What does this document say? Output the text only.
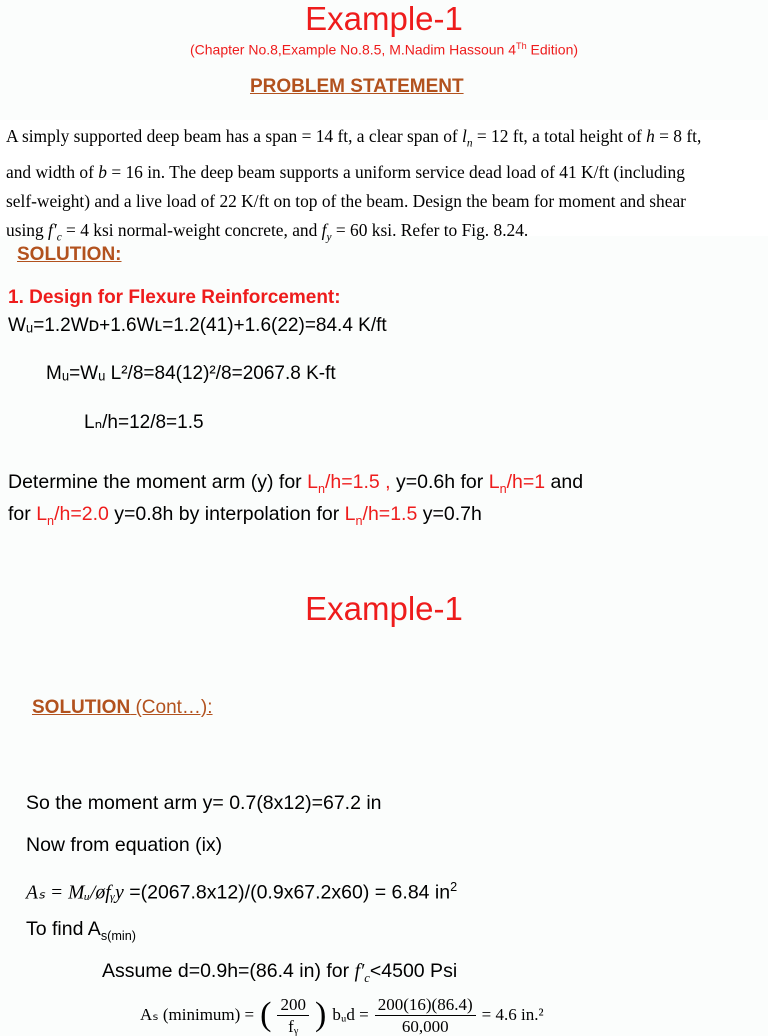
Example-1
(Chapter No.8,Example No.8.5, M.Nadim Hassoun 4Th Edition)
PROBLEM STATEMENT
A simply supported deep beam has a span = 14 ft, a clear span of $l_n = 12$ ft, a total height of h = 8 ft,
and width of b = 16 in. The deep beam supports a uniform service dead load of 41 K/ft (including
self-weight) and a live load of 22 K/ft on top of the beam. Design the beam for moment and shear
using $f'_c = 4$ ksi normal-weight concrete, and $f_y = 60$ ksi. Refer to Fig. 8.24.
SOLUTION:
1. Design for Flexure Reinforcement:
Wᵤ=1.2Wᴅ+1.6Wʟ=1.2(41)+1.6(22)=84.4 K/ft
Mᵤ=Wᵤ L²/8=84(12)²/8=2067.8 K-ft
Lₙ/h=12/8=1.5
Determine the moment arm (y) for $L_n/h=1.5$ , y=0.6h for $L_n/h=1$ and
for $L_n/h=2.0$ y=0.8h by interpolation for $L_n/h=1.5$ y=0.7h
Example-1
SOLUTION (Cont…):
So the moment arm y= 0.7(8x12)=67.2 in
Now from equation (ix)
Aₛ = Mᵤ/øfᵧy =(2067.8x12)/(0.9x67.2x60) = 6.84 $in^2$
To find $A_{s(min)}$
Assume d=0.9h=(86.4 in) for $f'_c<4500$ Psi
Aₛ (minimum) = ( $\frac{200}{\text{fᵧ}}$ ) bᵤd = $\frac{200(16)(86.4)}{60,000} = 4.6$ in.²
